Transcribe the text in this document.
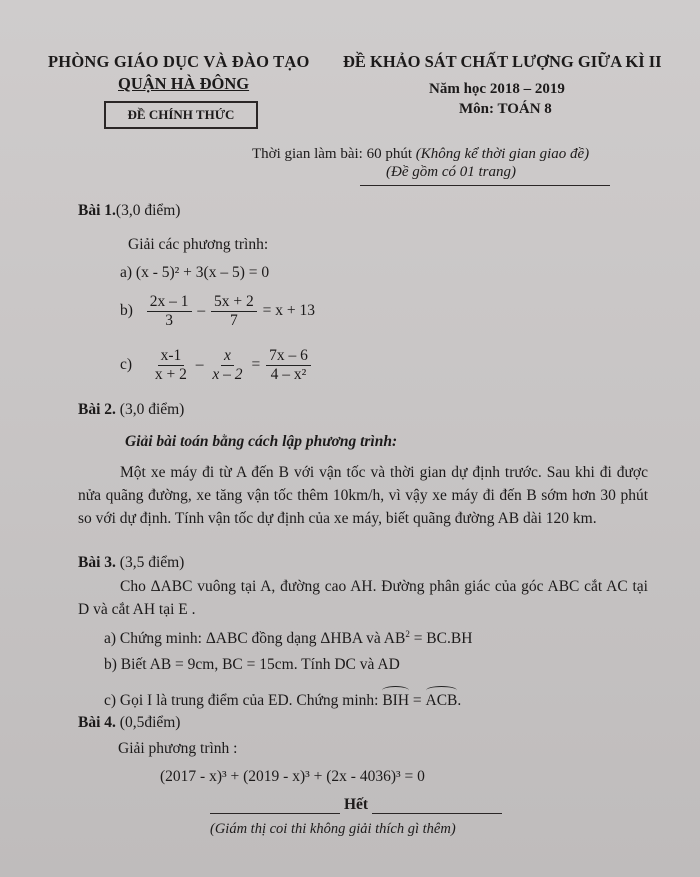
PHÒNG GIÁO DỤC VÀ ĐÀO TẠO
QUẬN HÀ ĐÔNG
ĐỀ CHÍNH THỨC
ĐỀ KHẢO SÁT CHẤT LƯỢNG GIỮA KÌ II
Năm học 2018 – 2019
Môn: TOÁN 8
Thời gian làm bài: 60 phút (Không kể thời gian giao đề)
(Đề gồm có 01 trang)
Bài 1.(3,0 điểm)
Giải các phương trình:
a) (x - 5)² + 3(x – 5) = 0
$b) \frac{2x - 1}{3} - \frac{5x + 2}{7} = x + 13$
$c) \frac{x-1}{x + 2} - \frac{x}{x - 2} = \frac{7x - 6}{\text{4 – x²}}$
Bài 2. (3,0 điểm)
Giải bài toán bằng cách lập phương trình:
Một xe máy đi từ A đến B với vận tốc và thời gian dự định trước. Sau khi đi được nửa quãng đường, xe tăng vận tốc thêm 10km/h, vì vậy xe máy đi đến B sớm hơn 30 phút so với dự định. Tính vận tốc dự định của xe máy, biết quãng đường AB dài 120 km.
Bài 3. (3,5 điểm)
Cho ΔABC vuông tại A, đường cao AH. Đường phân giác của góc ABC cắt AC tại D và cắt AH tại E .
a) Chứng minh: ΔABC đồng dạng ΔHBA và $AB^2 = BC.BH$
b) Biết AB = 9cm, BC = 15cm. Tính DC và AD
c) Gọi I là trung điểm của ED. Chứng minh: BIH = ACB.
Bài 4. (0,5điểm)
Giải phương trình :
(2017 - x)³ + (2019 - x)³ + (2x - 4036)³ = 0
Hết
(Giám thị coi thi không giải thích gì thêm)
